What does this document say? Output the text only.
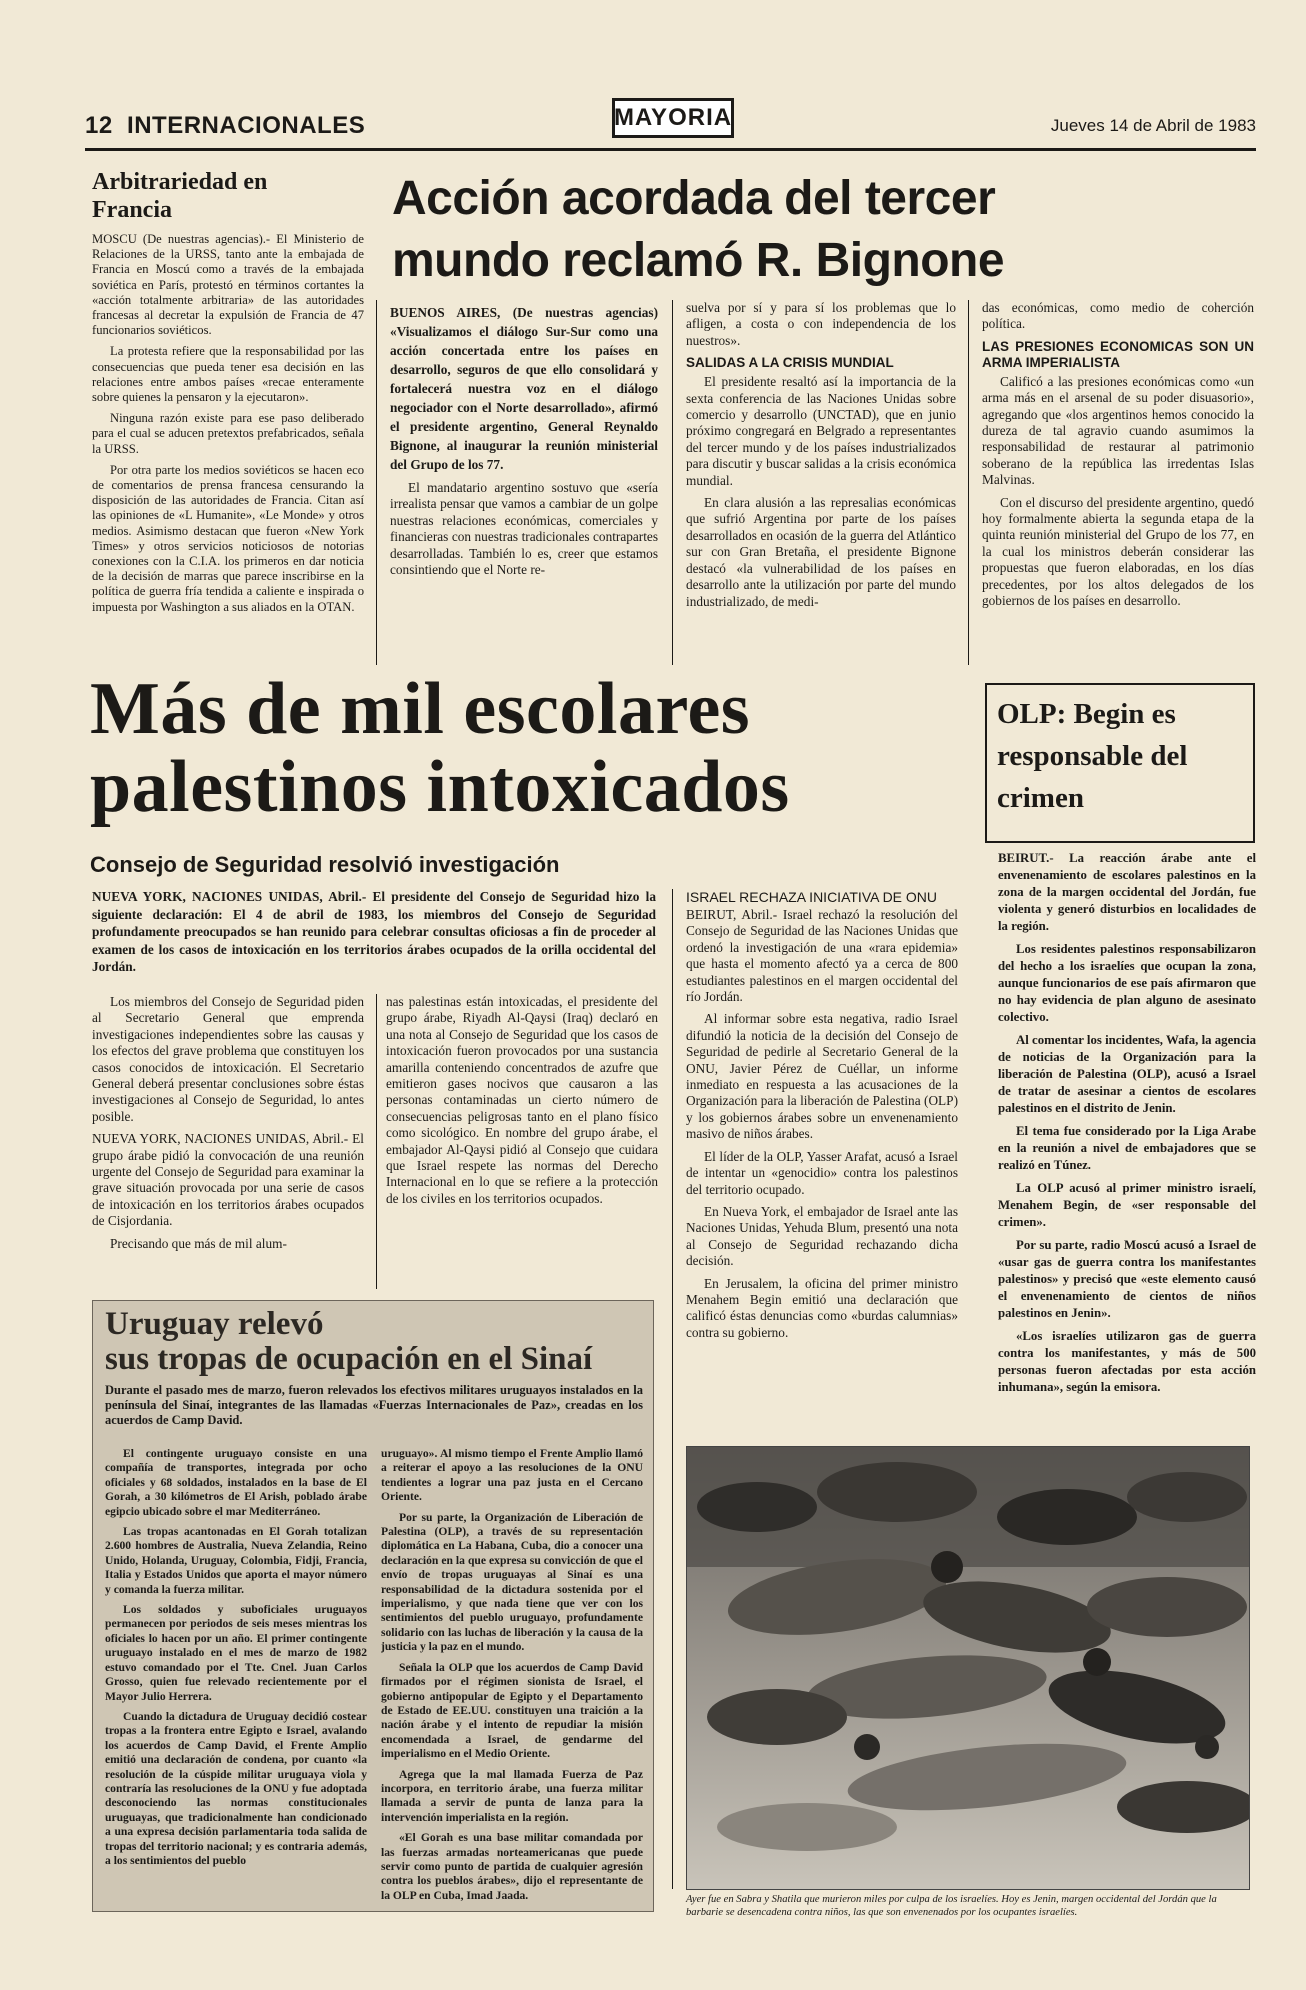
12 INTERNACIONALES	MAYORIA	Jueves 14 de Abril de 1983
Arbitrariedad en Francia

MOSCU (De nuestras agencias).- El Ministerio de Relaciones de la URSS, tanto ante la embajada de Francia en Moscú como a través de la embajada soviética en París, protestó en términos cortantes la «acción totalmente arbitraria» de las autoridades francesas al decretar la expulsión de Francia de 47 funcionarios soviéticos.

La protesta refiere que la responsabilidad por las consecuencias que pueda tener esa decisión en las relaciones entre ambos países «recae enteramente sobre quienes la pensaron y la ejecutaron».

Ninguna razón existe para ese paso deliberado para el cual se aducen pretextos prefabricados, señala la URSS.

Por otra parte los medios soviéticos se hacen eco de comentarios de prensa francesa censurando la disposición de las autoridades de Francia. Citan así las opiniones de «L Humanite», «Le Monde» y otros medios. Asimismo destacan que fueron «New York Times» y otros servicios noticiosos de notorias conexiones con la C.I.A. los primeros en dar noticia de la decisión de marras que parece inscribirse en la política de guerra fría tendida a caliente e inspirada o impuesta por Washington a sus aliados en la OTAN.

Acción acordada del tercer
mundo reclamó R. Bignone

BUENOS AIRES, (De nuestras agencias) «Visualizamos el diálogo Sur-Sur como una acción concertada entre los países en desarrollo, seguros de que ello consolidará y fortalecerá nuestra voz en el diálogo negociador con el Norte desarrollado», afirmó el presidente argentino, General Reynaldo Bignone, al inaugurar la reunión ministerial del Grupo de los 77.

El mandatario argentino sostuvo que «sería irrealista pensar que vamos a cambiar de un golpe nuestras relaciones económicas, comerciales y financieras con nuestras tradicionales contrapartes desarrolladas. También lo es, creer que estamos consintiendo que el Norte re-

suelva por sí y para sí los problemas que lo afligen, a costa o con independencia de los nuestros».

SALIDAS A LA CRISIS MUNDIAL

El presidente resaltó así la importancia de la sexta conferencia de las Naciones Unidas sobre comercio y desarrollo (UNCTAD), que en junio próximo congregará en Belgrado a representantes del tercer mundo y de los países industrializados para discutir y buscar salidas a la crisis económica mundial.

En clara alusión a las represalias económicas que sufrió Argentina por parte de los países desarrollados en ocasión de la guerra del Atlántico sur con Gran Bretaña, el presidente Bignone destacó «la vulnerabilidad de los países en desarrollo ante la utilización por parte del mundo industrializado, de medi-

das económicas, como medio de coherción política.

LAS PRESIONES ECONOMICAS SON UN ARMA IMPERIALISTA

Calificó a las presiones económicas como «un arma más en el arsenal de su poder disuasorio», agregando que «los argentinos hemos conocido la dureza de tal agravio cuando asumimos la responsabilidad de restaurar al patrimonio soberano de la república las irredentas Islas Malvinas.

Con el discurso del presidente argentino, quedó hoy formalmente abierta la segunda etapa de la quinta reunión ministerial del Grupo de los 77, en la cual los ministros deberán considerar las propuestas que fueron elaboradas, en los días precedentes, por los altos delegados de los gobiernos de los países en desarrollo.

Más de mil escolares
palestinos intoxicados
Consejo de Seguridad resolvió investigación
NUEVA YORK, NACIONES UNIDAS, Abril.- El presidente del Consejo de Seguridad hizo la siguiente declaración: El 4 de abril de 1983, los miembros del Consejo de Seguridad profundamente preocupados se han reunido para celebrar consultas oficiosas a fin de proceder al examen de los casos de intoxicación en los territorios árabes ocupados de la orilla occidental del Jordán.

Los miembros del Consejo de Seguridad piden al Secretario General que emprenda investigaciones independientes sobre las causas y los efectos del grave problema que constituyen los casos conocidos de intoxicación. El Secretario General deberá presentar conclusiones sobre éstas investigaciones al Consejo de Seguridad, lo antes posible.

NUEVA YORK, NACIONES UNIDAS, Abril.- El grupo árabe pidió la convocación de una reunión urgente del Consejo de Seguridad para examinar la grave situación provocada por una serie de casos de intoxicación en los territorios árabes ocupados de Cisjordania.

Precisando que más de mil alum-

nas palestinas están intoxicadas, el presidente del grupo árabe, Riyadh Al-Qaysi (Iraq) declaró en una nota al Consejo de Seguridad que los casos de intoxicación fueron provocados por una sustancia amarilla conteniendo concentrados de azufre que emitieron gases nocivos que causaron a las personas contaminadas un cierto número de consecuencias peligrosas tanto en el plano físico como sicológico. En nombre del grupo árabe, el embajador Al-Qaysi pidió al Consejo que cuidara que Israel respete las normas del Derecho Internacional en lo que se refiere a la protección de los civiles en los territorios ocupados.

ISRAEL RECHAZA INICIATIVA DE ONU

BEIRUT, Abril.- Israel rechazó la resolución del Consejo de Seguridad de las Naciones Unidas que ordenó la investigación de una «rara epidemia» que hasta el momento afectó ya a cerca de 800 estudiantes palestinos en el margen occidental del río Jordán.

Al informar sobre esta negativa, radio Israel difundió la noticia de la decisión del Consejo de Seguridad de pedirle al Secretario General de la ONU, Javier Pérez de Cuéllar, un informe inmediato en respuesta a las acusaciones de la Organización para la liberación de Palestina (OLP) y los gobiernos árabes sobre un envenenamiento masivo de niños árabes.

El líder de la OLP, Yasser Arafat, acusó a Israel de intentar un «genocidio» contra los palestinos del territorio ocupado.

En Nueva York, el embajador de Israel ante las Naciones Unidas, Yehuda Blum, presentó una nota al Consejo de Seguridad rechazando dicha decisión.

En Jerusalem, la oficina del primer ministro Menahem Begin emitió una declaración que calificó éstas denuncias como «burdas calumnias» contra su gobierno.

OLP: Begin es responsable del crimen

BEIRUT.- La reacción árabe ante el envenenamiento de escolares palestinos en la zona de la margen occidental del Jordán, fue violenta y generó disturbios en localidades de la región.

Los residentes palestinos responsabilizaron del hecho a los israelíes que ocupan la zona, aunque funcionarios de ese país afirmaron que no hay evidencia de plan alguno de asesinato colectivo.

Al comentar los incidentes, Wafa, la agencia de noticias de la Organización para la liberación de Palestina (OLP), acusó a Israel de tratar de asesinar a cientos de escolares palestinos en el distrito de Jenin.

El tema fue considerado por la Liga Arabe en la reunión a nivel de embajadores que se realizó en Túnez.

La OLP acusó al primer ministro israelí, Menahem Begin, de «ser responsable del crimen».

Por su parte, radio Moscú acusó a Israel de «usar gas de guerra contra los manifestantes palestinos» y precisó que «este elemento causó el envenenamiento de cientos de niños palestinos en Jenin».

«Los israelíes utilizaron gas de guerra contra los manifestantes, y más de 500 personas fueron afectadas por esta acción inhumana», según la emisora.

Uruguay relevó
sus tropas de ocupación en el Sinaí
Durante el pasado mes de marzo, fueron relevados los efectivos militares uruguayos instalados en la península del Sinaí, integrantes de las llamadas «Fuerzas Internacionales de Paz», creadas en los acuerdos de Camp David.

El contingente uruguayo consiste en una compañía de transportes, integrada por ocho oficiales y 68 soldados, instalados en la base de El Gorah, a 30 kilómetros de El Arish, poblado árabe egipcio ubicado sobre el mar Mediterráneo.

Las tropas acantonadas en El Gorah totalizan 2.600 hombres de Australia, Nueva Zelandia, Reino Unido, Holanda, Uruguay, Colombia, Fidji, Francia, Italia y Estados Unidos que aporta el mayor número y comanda la fuerza militar.

Los soldados y suboficiales uruguayos permanecen por periodos de seis meses mientras los oficiales lo hacen por un año. El primer contingente uruguayo instalado en el mes de marzo de 1982 estuvo comandado por el Tte. Cnel. Juan Carlos Grosso, quien fue relevado recientemente por el Mayor Julio Herrera.

Cuando la dictadura de Uruguay decidió costear tropas a la frontera entre Egipto e Israel, avalando los acuerdos de Camp David, el Frente Amplio emitió una declaración de condena, por cuanto «la resolución de la cúspide militar uruguaya viola y contraría las resoluciones de la ONU y fue adoptada desconociendo las normas constitucionales uruguayas, que tradicionalmente han condicionado a una expresa decisión parlamentaria toda salida de tropas del territorio nacional; y es contraria además, a los sentimientos del pueblo

uruguayo». Al mismo tiempo el Frente Amplio llamó a reiterar el apoyo a las resoluciones de la ONU tendientes a lograr una paz justa en el Cercano Oriente.

Por su parte, la Organización de Liberación de Palestina (OLP), a través de su representación diplomática en La Habana, Cuba, dio a conocer una declaración en la que expresa su convicción de que el envío de tropas uruguayas al Sinaí es una responsabilidad de la dictadura sostenida por el imperialismo, y que nada tiene que ver con los sentimientos del pueblo uruguayo, profundamente solidario con las luchas de liberación y la causa de la justicia y la paz en el mundo.

Señala la OLP que los acuerdos de Camp David firmados por el régimen sionista de Israel, el gobierno antipopular de Egipto y el Departamento de Estado de EE.UU. constituyen una traición a la nación árabe y el intento de repudiar la misión encomendada a Israel, de gendarme del imperialismo en el Medio Oriente.

Agrega que la mal llamada Fuerza de Paz incorpora, en territorio árabe, una fuerza militar llamada a servir de punta de lanza para la intervención imperialista en la región.

«El Gorah es una base militar comandada por las fuerzas armadas norteamericanas que puede servir como punto de partida de cualquier agresión contra los pueblos árabes», dijo el representante de la OLP en Cuba, Imad Jaada.	Ayer fue en Sabra y Shatila que murieron miles por culpa de los israelíes. Hoy es Jenin, margen occidental del Jordán que la barbarie se desencadena contra niños, las que son envenenados por los ocupantes israelíes.
